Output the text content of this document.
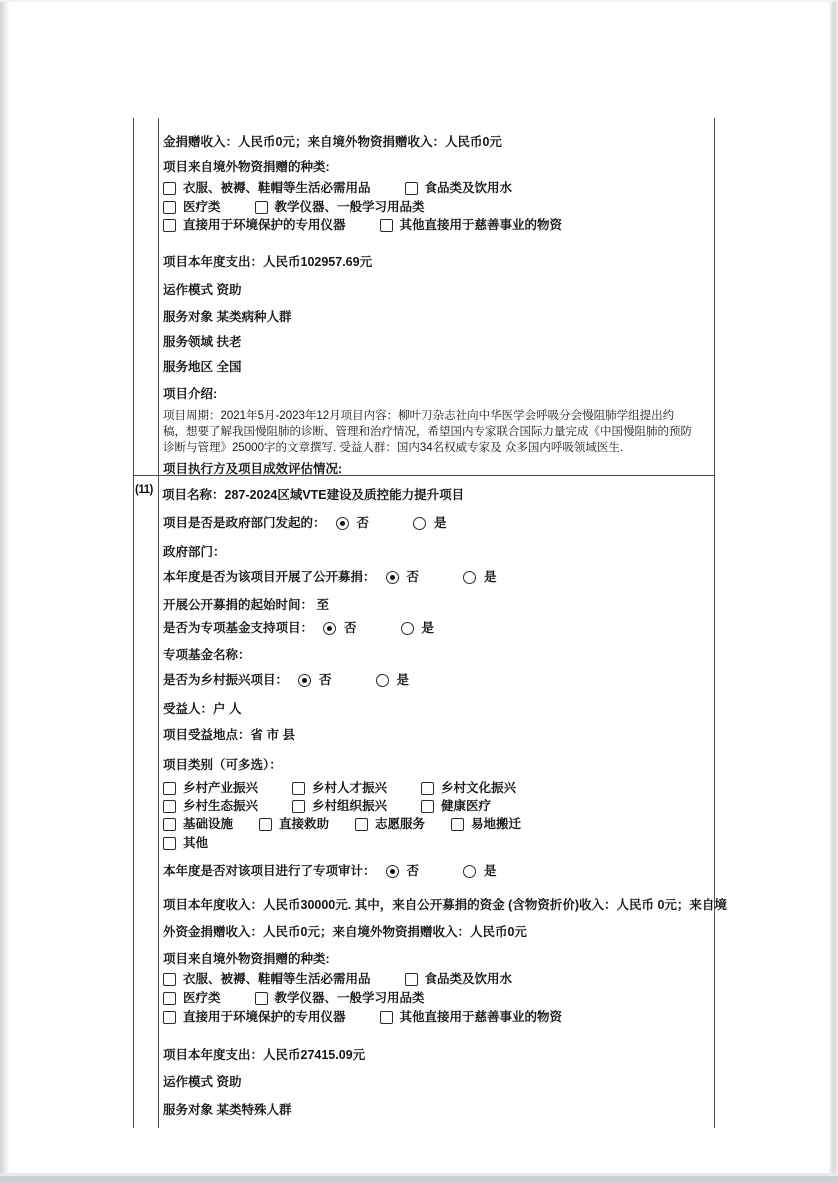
(11)
金捐赠收入：人民币0元；来自境外物资捐赠收入：人民币0元
项目来自境外物资捐赠的种类:
衣服、被褥、鞋帽等生活必需用品	食品类及饮用水
医疗类	教学仪器、一般学习用品类
直接用于环境保护的专用仪器	其他直接用于慈善事业的物资
项目本年度支出：人民币102957.69元
运作模式 资助
服务对象 某类病种人群
服务领域 扶老
服务地区 全国
项目介绍:
项目周期：2021年5月-2023年12月项目内容：柳叶刀杂志社向中华医学会呼吸分会慢阻肺学组提出约
稿，想要了解我国慢阻肺的诊断、管理和治疗情况，希望国内专家联合国际力量完成《中国慢阻肺的预防
诊断与管理》25000字的文章撰写. 受益人群：国内34名权威专家及 众多国内呼吸领域医生.
项目执行方及项目成效评估情况:
项目名称：287-2024区域VTE建设及质控能力提升项目
项目是否是政府部门发起的： 否	是
政府部门：
本年度是否为该项目开展了公开募捐： 否	是
开展公开募捐的起始时间： 至
是否为专项基金支持项目： 否	是
专项基金名称：
是否为乡村振兴项目： 否	是
受益人：户 人
项目受益地点：省 市 县
项目类别（可多选）：
乡村产业振兴	乡村人才振兴	乡村文化振兴
乡村生态振兴	乡村组织振兴	健康医疗
基础设施	直接救助	志愿服务	易地搬迁
其他
本年度是否对该项目进行了专项审计： 否	是
项目本年度收入：人民币30000元. 其中，来自公开募捐的资金 (含物资折价)收入：人民币 0元；来自境
外资金捐赠收入：人民币0元；来自境外物资捐赠收入：人民币0元
项目来自境外物资捐赠的种类:
衣服、被褥、鞋帽等生活必需用品	食品类及饮用水
医疗类	教学仪器、一般学习用品类
直接用于环境保护的专用仪器	其他直接用于慈善事业的物资
项目本年度支出：人民币27415.09元
运作模式 资助
服务对象 某类特殊人群
